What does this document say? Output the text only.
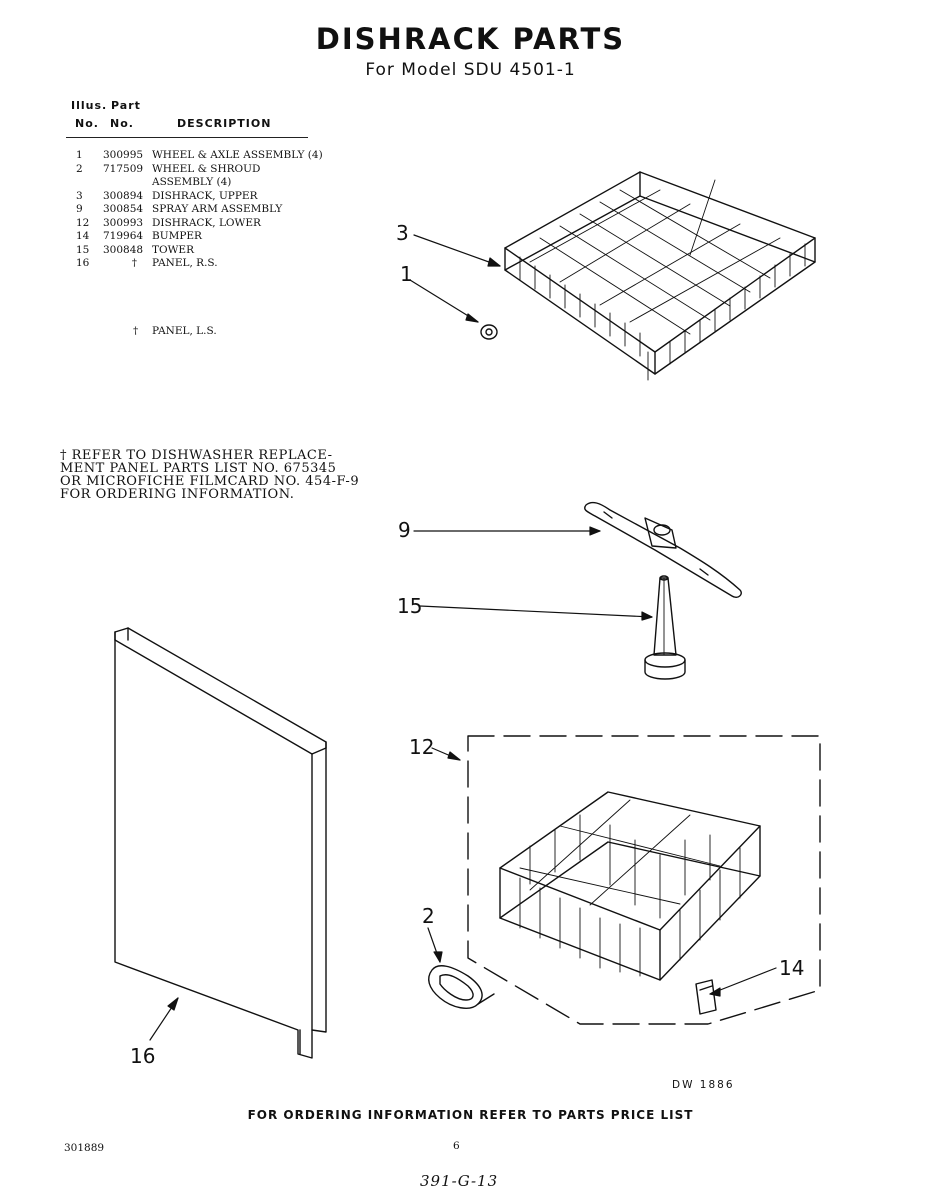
DISHRACK PARTS
For Model SDU 4501-1
Illus. Part
No. No.	DESCRIPTION
1	300995 WHEEL & AXLE ASSEMBLY (4)
2	717509 WHEEL & SHROUD
ASSEMBLY (4)
3	300894 DISHRACK, UPPER
9	300854 SPRAY ARM ASSEMBLY
12	300993 DISHRACK, LOWER
14	719964 BUMPER
15	300848 TOWER
16	† PANEL, R.S.
† PANEL, L.S.
† REFER TO DISHWASHER REPLACE-
MENT PANEL PARTS LIST NO. 675345
OR MICROFICHE FILMCARD NO. 454-F-9
FOR ORDERING INFORMATION.
3
1
9
15
12
2
14
16
DW 1886
FOR ORDERING INFORMATION REFER TO PARTS PRICE LIST
301889	6
391-G-13
